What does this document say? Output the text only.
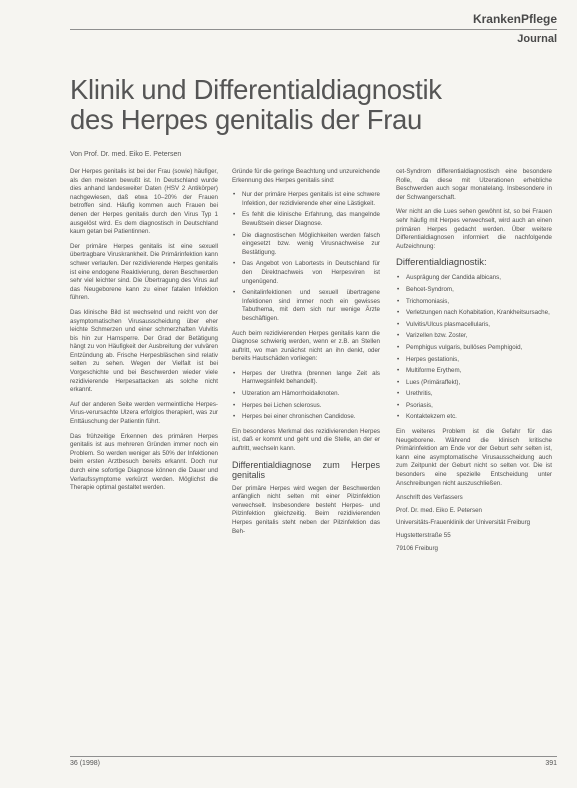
KrankenPflege
Journal
Klinik und Differentialdiagnostik
des Herpes genitalis der Frau
Von Prof. Dr. med. Eiko E. Petersen

Der Herpes genitalis ist bei der Frau (sowie) häufiger, als den meisten bewußt ist. In Deutschland wurde dies anhand landesweiter Daten (HSV 2 Antikörper) nachgewiesen, daß etwa 10–20% der Frauen betroffen sind. Häufig kommen auch Frauen bei denen der Herpes genitalis durch den Virus Typ 1 ausgelöst wird. Es dem diagnostisch in Deutschland kaum getan bei Patientinnen.

Der primäre Herpes genitalis ist eine sexuell übertragbare Viruskrankheit. Die Primärinfektion kann schwer verlaufen. Der rezidivierende Herpes genitalis ist eine endogene Reaktivierung, deren Beschwerden sehr viel leichter sind. Die Übertragung des Virus auf das Neugeborene kann zu einer fatalen Infektion führen.

Das klinische Bild ist wechselnd und reicht von der asymptomatischen Virusausscheidung über eher leichte Schmerzen und einer schmerzhaften Vulvitis bis hin zur Harnsperre. Der Grad der Betätigung hängt zu von Häufigkeit der Ausbreitung der vulvären Entzündung ab. Frische Herpesbläschen sind relativ selten zu sehen. Wegen der Vielfalt ist bei Vorgeschichte und bei Beschwerden wieder viele rezidivierende Herpesattacken als solche nicht erkannt.

Auf der anderen Seite werden vermeintliche Herpes-Virus-verursachte Ulzera erfolglos therapiert, was zur Enttäuschung der Patientin führt.

Das frühzeitige Erkennen des primären Herpes genitalis ist aus mehreren Gründen immer noch ein Problem. So werden weniger als 50% der Infektionen beim ersten Arztbesuch bereits erkannt. Doch nur durch eine sofortige Diagnose können die Dauer und Verlaufssymptome verkürzt werden. Möglichst die Therapie optimal gestaltet werden.

Gründe für die geringe Beachtung und unzureichende Erkennung des Herpes genitalis sind:

• Nur der primäre Herpes genitalis ist eine schwere Infektion, der rezidivierende eher eine Lästigkeit.
• Es fehlt die klinische Erfahrung, das mangelnde Bewußtsein dieser Diagnose.
• Die diagnostischen Möglichkeiten werden falsch eingesetzt bzw. wenig Virusnachweise zur Bestätigung.
• Das Angebot von Labortests in Deutschland für den Direktnachweis von Herpesviren ist ungenügend.
• Genitalinfektionen und sexuell übertragene Infektionen sind immer noch ein gewisses Tabuthema, mit dem sich nur wenige Ärzte beschäftigen.

Auch beim rezidivierenden Herpes genitalis kann die Diagnose schwierig werden, wenn er z.B. an Stellen auftritt, wo man zunächst nicht an ihn denkt, oder bereits Hautschäden vorliegen:

• Herpes der Urethra (brennen lange Zeit als Harnwegsinfekt behandelt).
• Ulzeration am Hämorrhoidalknoten.
• Herpes bei Lichen sclerosus.
• Herpes bei einer chronischen Candidose.

Ein besonderes Merkmal des rezidivierenden Herpes ist, daß er kommt und geht und die Stelle, an der er auftritt, wechseln kann.

Differentialdiagnose zum Herpes genitalis

Der primäre Herpes wird wegen der Beschwerden anfänglich nicht selten mit einer Pilzinfektion verwechselt. Insbesondere besteht Herpes- und Pilzinfektion gleichzeitig. Beim rezidivierenden Herpes genitalis steht neben der Pilzinfektion das Beh-

cet-Syndrom differentialdiagnostisch eine besondere Rolle, da diese mit Ulzerationen erhebliche Beschwerden auch sogar monatelang. Insbesondere in der Schwangerschaft.

Wer nicht an die Lues sehen gewöhnt ist, so bei Frauen sehr häufig mit Herpes verwechselt, wird auch an einen primären Herpes gedacht werden. Über weitere Differentialdiagnosen informiert die nachfolgende Aufzeichnung:

Differentialdiagnostik:
• Ausprägung der Candida albicans,
• Behcet-Syndrom,
• Trichomoniasis,
• Verletzungen nach Kohabitation, Krankheitsursache,
• Vulvitis/Ulcus plasmacellularis,
• Varizellen bzw. Zoster,
• Pemphigus vulgaris, bullöses Pemphigoid,
• Herpes gestationis,
• Multiforme Erythem,
• Lues (Primäraffekt),
• Urethritis,
• Psoriasis,
• Kontaktekzem etc.

Ein weiteres Problem ist die Gefahr für das Neugeborene. Während die klinisch kritische Primärinfektion am Ende vor der Geburt sehr selten ist, kann eine asymptomatische Virusausscheidung auch zum Zeitpunkt der Geburt nicht so selten vor. Die ist besonders eine spezielle Entscheidung unter Anschreibungen nicht auszuschließen.

Anschrift des Verfassers
Prof. Dr. med. Eiko E. Petersen
Universitäts-Frauenklinik der Universität Freiburg
Hugstetterstraße 55
79106 Freiburg
36 (1998)	391
